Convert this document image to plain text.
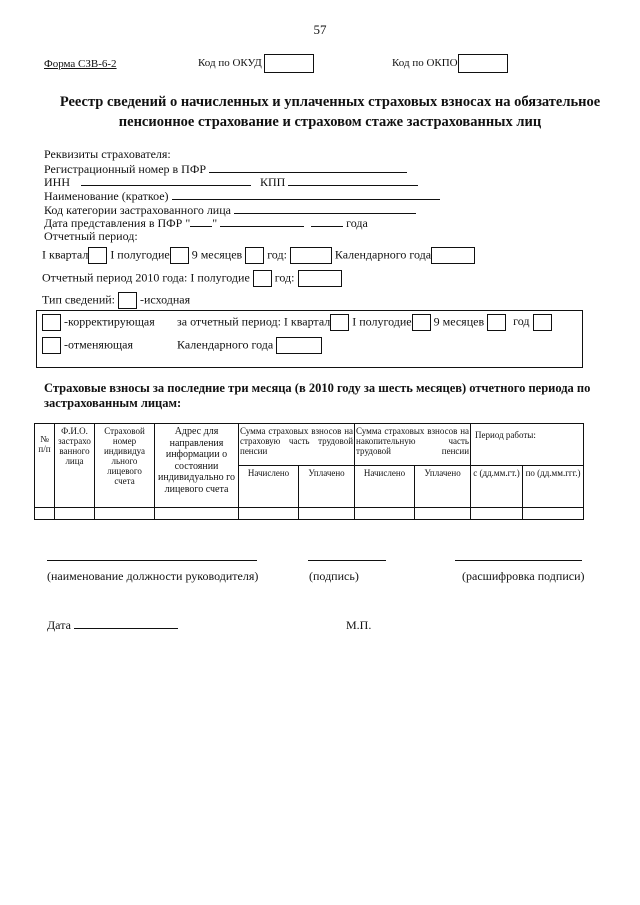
57
Форма СЗВ-6-2	Код по ОКУД	Код по ОКПО
Реестр сведений о начисленных и уплаченных страховых взносах на обязательное
пенсионное страхование и страховом стаже застрахованных лиц
Реквизиты страхователя:
Регистрационный номер в ПФР
ИНН	КПП
Наименование (краткое)
Код категории застрахованного лица
Дата представления в ПФР " "	года
Отчетный период:
I квартал I полугодие 9 месяцев год:	Календарного года
Отчетный период 2010 года: I полугодие год:
Тип сведений: -исходная
-корректирующая за отчетный период: I квартал I полугодие 9 месяцев год
-отменяющая	Календарного года
Страховые взносы за последние три месяца (в 2010 году за шесть месяцев) отчетного периода по застрахованным лицам:
№ п/п	Ф.И.О. застрахо ванного лица	Страховой номер индивидуа льного лицевого счета	Адрес для направления информации о состоянии индивидуально го лицевого счета	Сумма страховых взносов на страховую часть трудовой пенсии		Сумма страховых взносов на накопительную часть трудовой пенсии		Период работы:	
				Начислено	Уплачено	Начислено	Уплачено	с (дд.мм.гт.)	по (дд.мм.ггг.)

(наименование должности руководителя)	(подпись)	(расшифровка подписи)
Дата	М.П.
